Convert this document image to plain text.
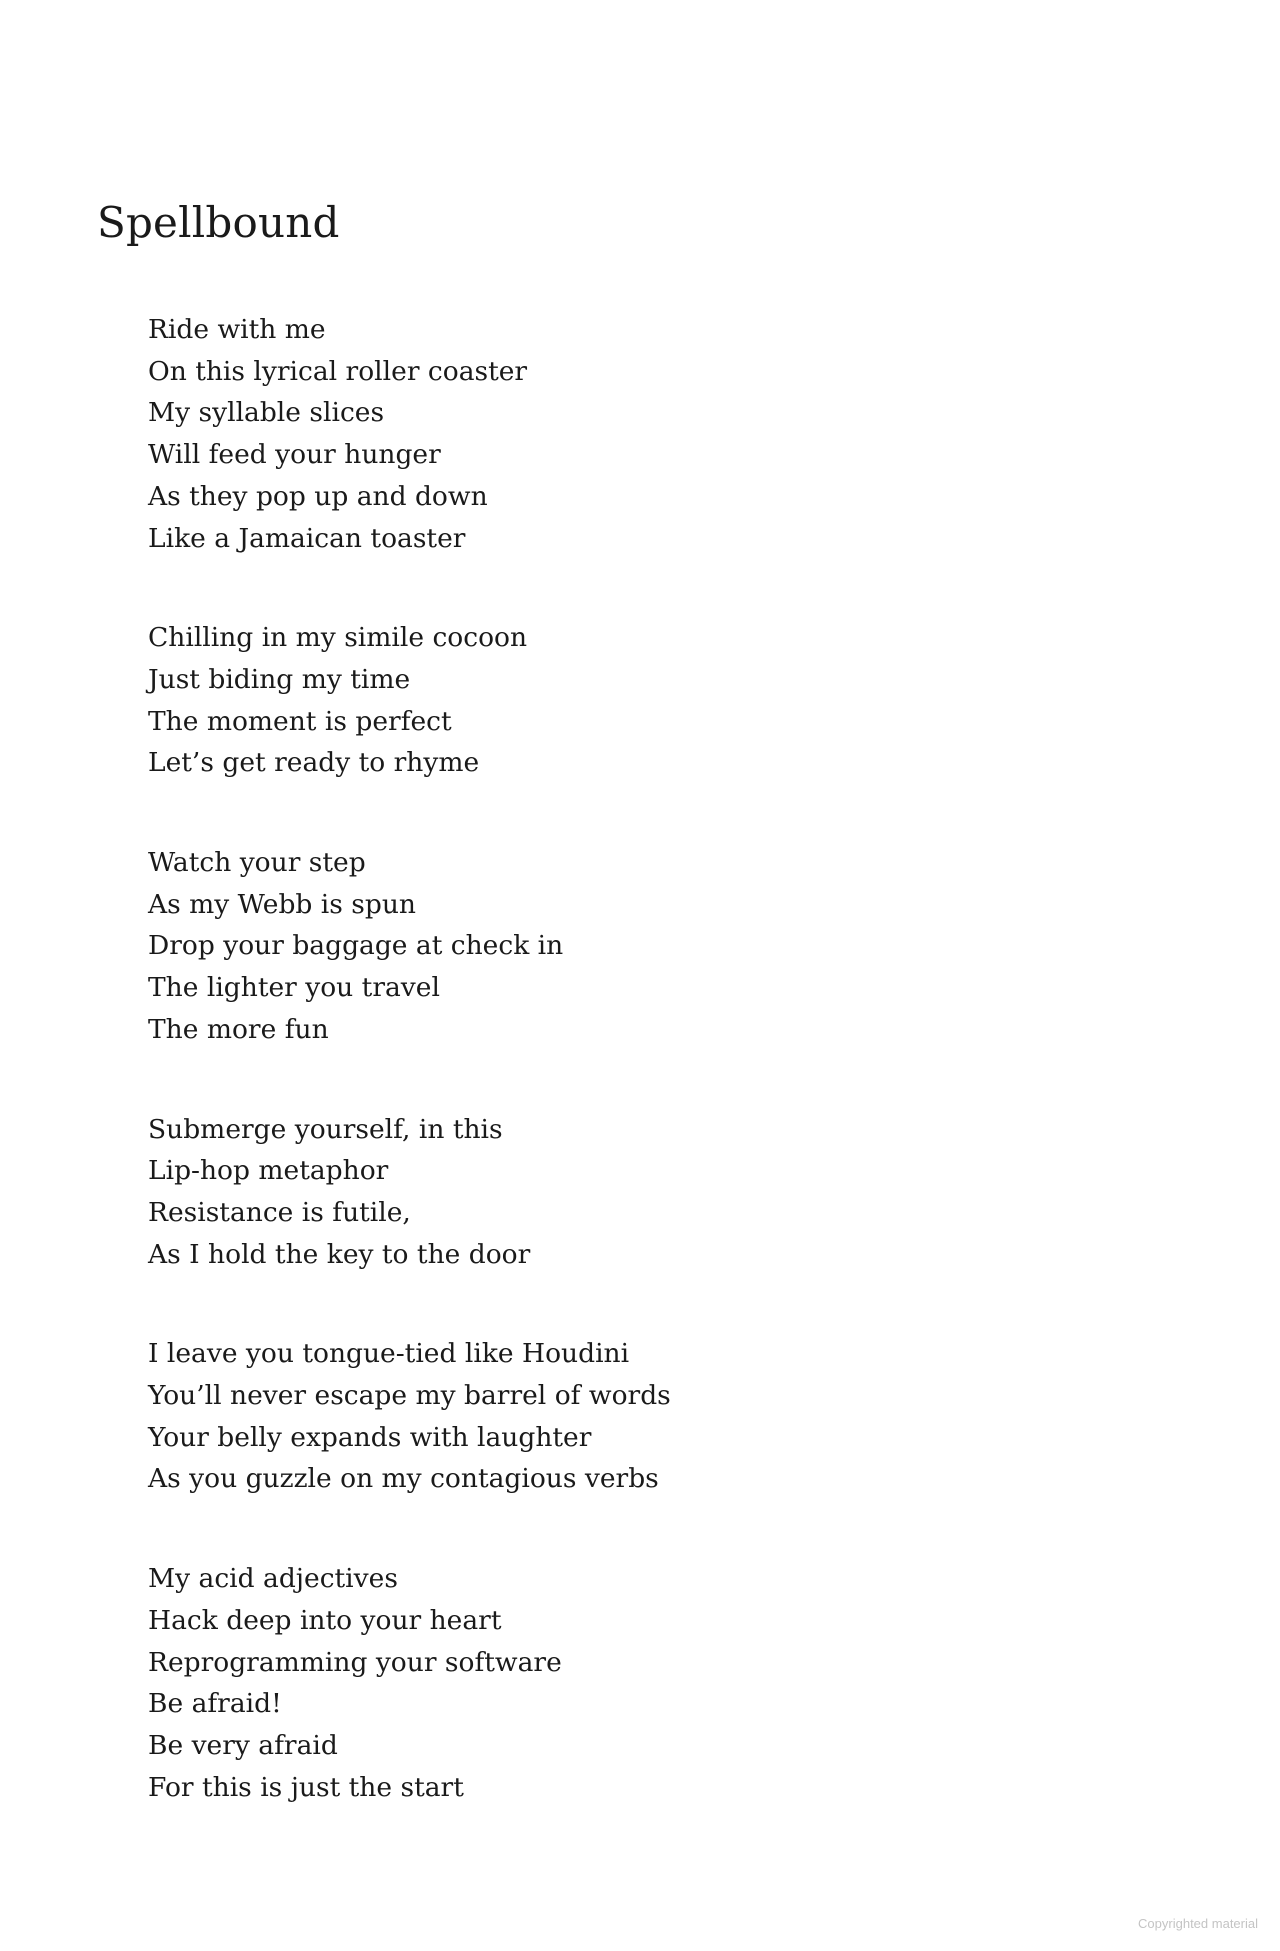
Spellbound
Ride with me
On this lyrical roller coaster
My syllable slices
Will feed your hunger
As they pop up and down
Like a Jamaican toaster
Chilling in my simile cocoon
Just biding my time
The moment is perfect
Let’s get ready to rhyme
Watch your step
As my Webb is spun
Drop your baggage at check in
The lighter you travel
The more fun
Submerge yourself, in this
Lip-hop metaphor
Resistance is futile,
As I hold the key to the door
I leave you tongue-tied like Houdini
You’ll never escape my barrel of words
Your belly expands with laughter
As you guzzle on my contagious verbs
My acid adjectives
Hack deep into your heart
Reprogramming your software
Be afraid!
Be very afraid
For this is just the start
Copyrighted material
